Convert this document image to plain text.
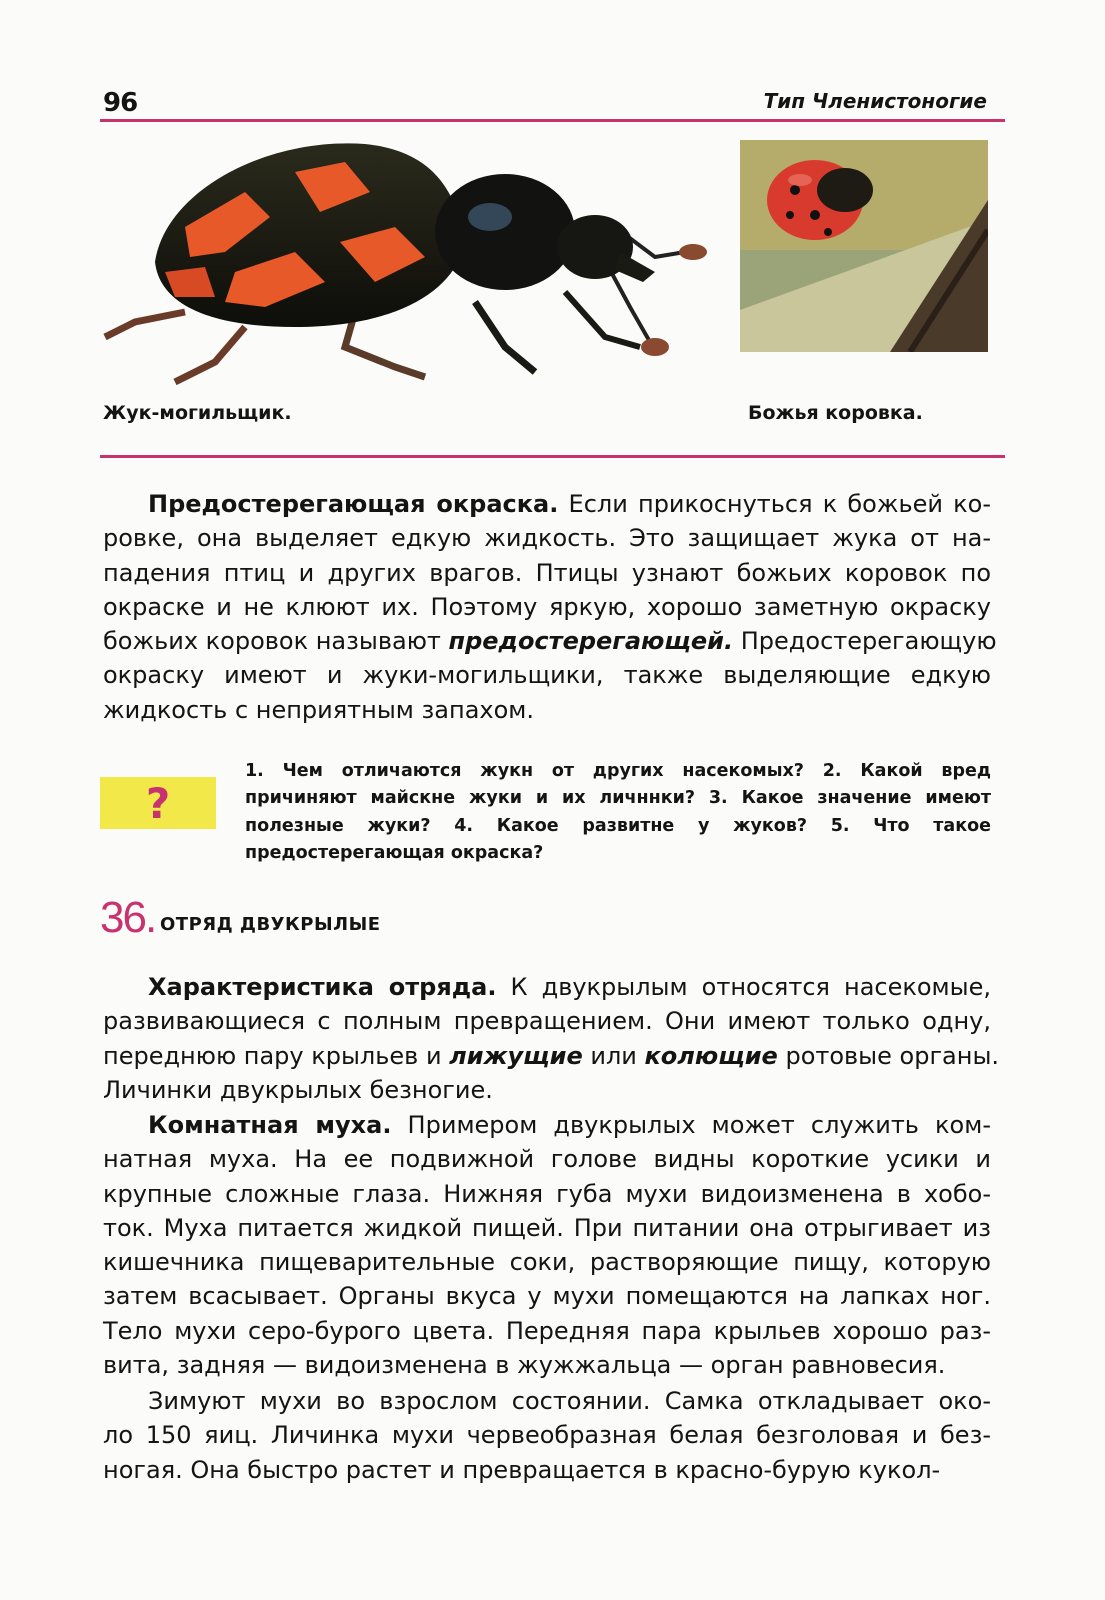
96	Тип Членистоногие
Жук-могильщик.	Божья коровка.
Предостерегающая окраска. Если прикоснуться к божьей ко-
ровке, она выделяет едкую жидкость. Это защищает жука от на-
падения птиц и других врагов. Птицы узнают божьих коровок по
окраске и не клюют их. Поэтому яркую, хорошо заметную окраску
божьих коровок называют предостерегающей. Предостерегающую
окраску имеют и жуки-могильщики, также выделяющие едкую
жидкость с неприятным запахом.
?
1. Чем отличаются жукн от других насекомых? 2. Какой вред причиняют майскне жуки и их личннки? 3. Какое значение имеют полезные жуки? 4. Какое развитне у жуков? 5. Что такое предостерегающая окраска?
36. ОТРЯД ДВУКРЫЛЫЕ
Характеристика отряда. К двукрылым относятся насекомые,
развивающиеся с полным превращением. Они имеют только одну,
переднюю пару крыльев и лижущие или колющие ротовые органы.
Личинки двукрылых безногие.
Комнатная муха. Примером двукрылых может служить ком-
натная муха. На ее подвижной голове видны короткие усики и
крупные сложные глаза. Нижняя губа мухи видоизменена в хобо-
ток. Муха питается жидкой пищей. При питании она отрыгивает из
кишечника пищеварительные соки, растворяющие пищу, которую
затем всасывает. Органы вкуса у мухи помещаются на лапках ног.
Тело мухи серо-бурого цвета. Передняя пара крыльев хорошо раз-
вита, задняя — видоизменена в жужжальца — орган равновесия.
Зимуют мухи во взрослом состоянии. Самка откладывает око-
ло 150 яиц. Личинка мухи червеобразная белая безголовая и без-
ногая. Она быстро растет и превращается в красно-бурую кукол-
